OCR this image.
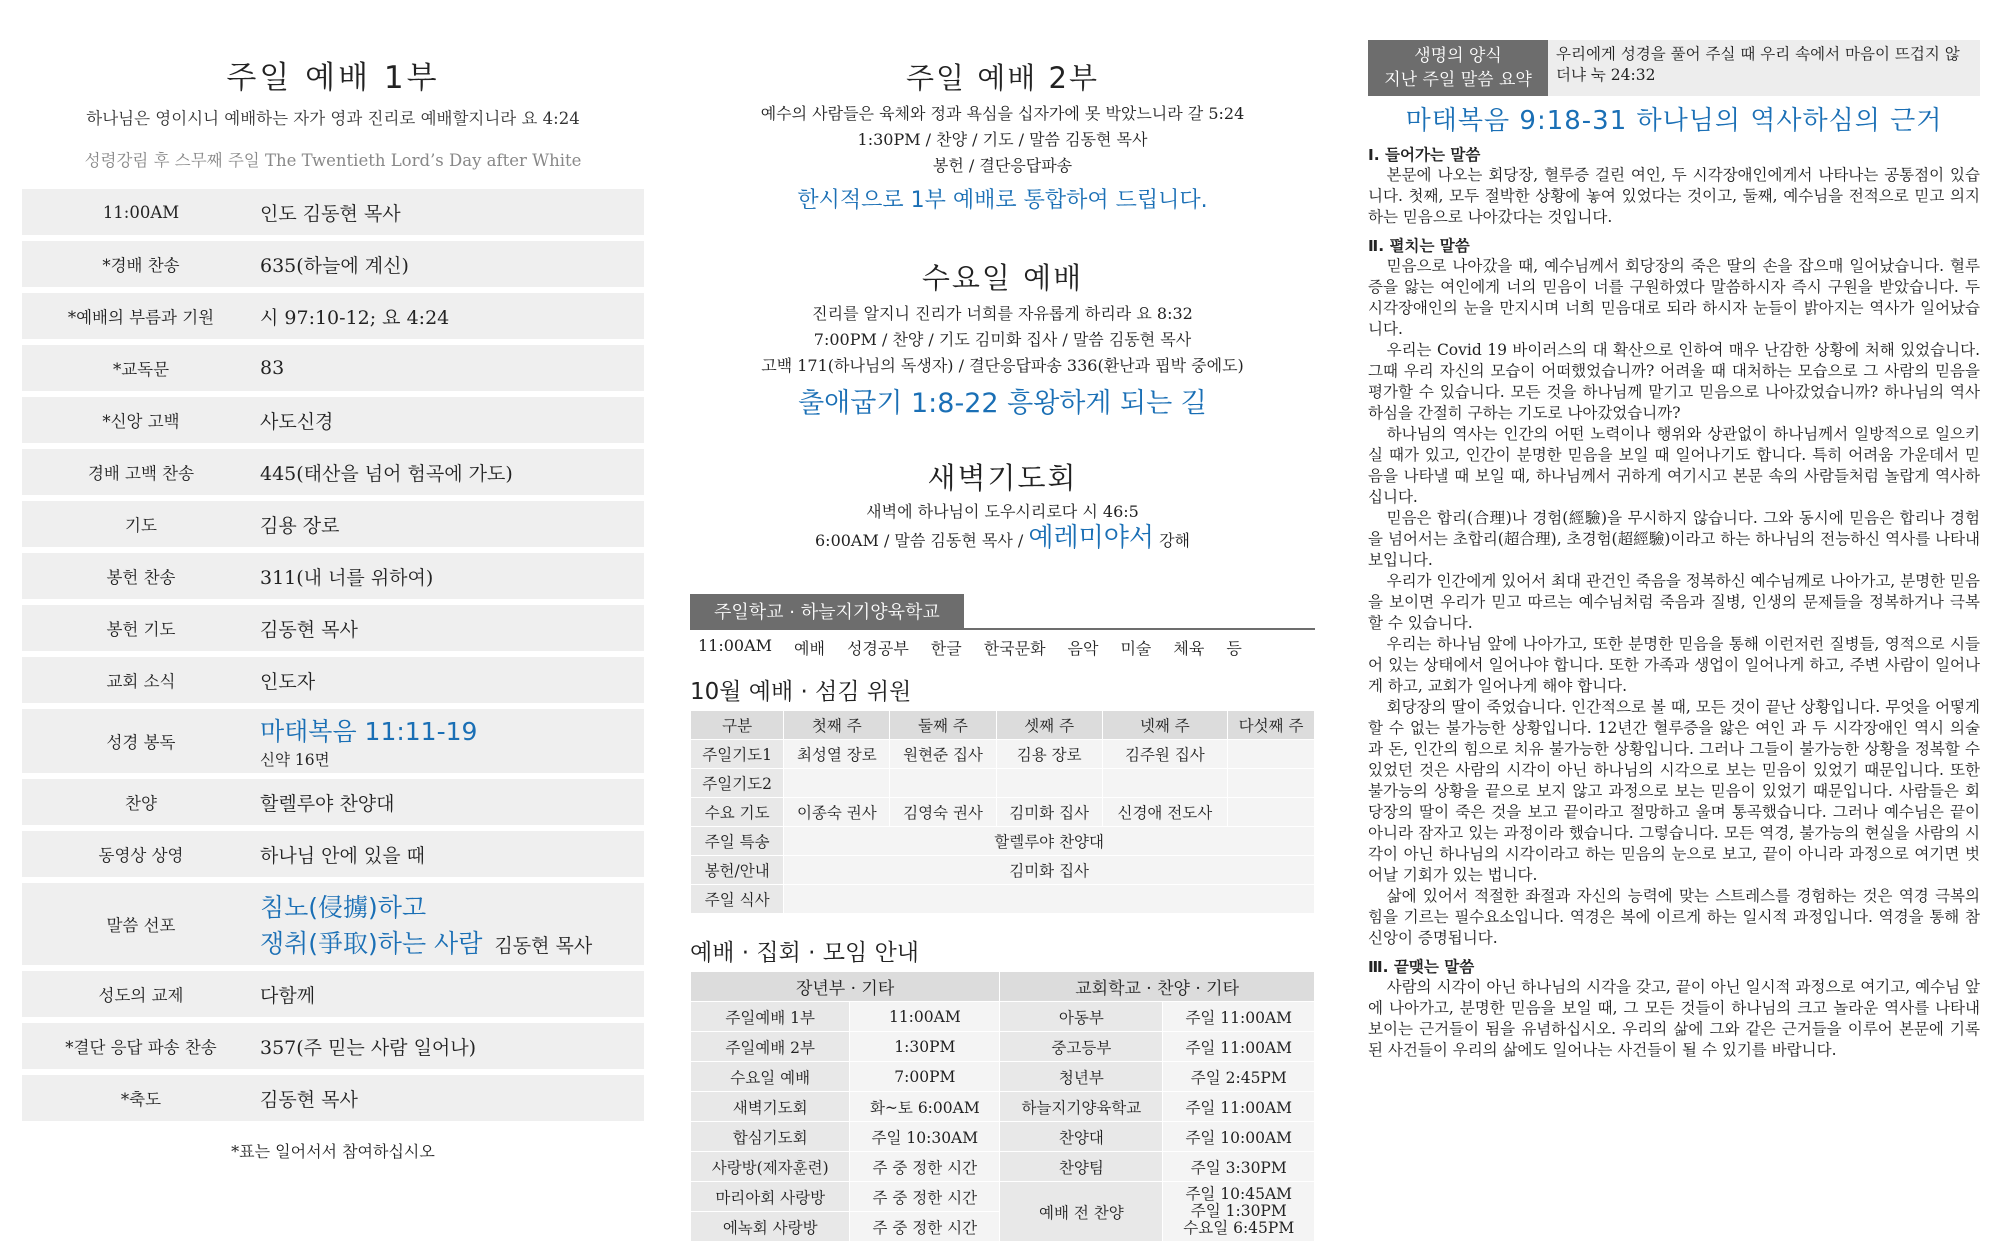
주일 예배 1부
하나님은 영이시니 예배하는 자가 영과 진리로 예배할지니라 요 4:24
성령강림 후 스무째 주일 The Twentieth Lord’s Day after White
11:00AM	인도 김동현 목사
*경배 찬송	635(하늘에 계신)
*예배의 부름과 기원	시 97:10-12; 요 4:24
*교독문	83
*신앙 고백	사도신경
경배 고백 찬송	445(태산을 넘어 험곡에 가도)
기도	김용 장로
봉헌 찬송	311(내 너를 위하여)
봉헌 기도	김동현 목사
교회 소식	인도자
성경 봉독	마태복음 11:11-19
신약 16면

찬양	할렐루야 찬양대
동영상 상영	하나님 안에 있을 때
말씀 선포	침노(侵擄)하고
쟁취(爭取)하는 사람 김동현 목사

성도의 교제	다함께
*결단 응답 파송 찬송	357(주 믿는 사람 일어나)
*축도	김동현 목사
*표는 일어서서 참여하십시오
주일 예배 2부
예수의 사람들은 육체와 정과 욕심을 십자가에 못 박았느니라 갈 5:24
1:30PM / 찬양 / 기도 / 말씀 김동현 목사
봉헌 / 결단응답파송
한시적으로 1부 예배로 통합하여 드립니다.
수요일 예배
진리를 알지니 진리가 너희를 자유롭게 하리라 요 8:32
7:00PM / 찬양 / 기도 김미화 집사 / 말씀 김동현 목사
고백 171(하나님의 독생자) / 결단응답파송 336(환난과 핍박 중에도)
출애굽기 1:8-22 흥왕하게 되는 길
새벽기도회
새벽에 하나님이 도우시리로다 시 46:5
6:00AM / 말씀 김동현 목사 / 예레미야서 강해
주일학교 · 하늘지기양육학교
11:00AM 예배 성경공부 한글 한국문화 음악 미술 체육 등
10월 예배 · 섬김 위원
구분	첫째 주	둘째 주	셋째 주	넷째 주	다섯째 주
주일기도1	최성열 장로	원현준 집사	김용 장로	김주원 집사	
주일기도2					
수요 기도	이종숙 권사	김영숙 권사	김미화 집사	신경애 전도사	
주일 특송	할렐루야 찬양대				
봉헌/안내	김미화 집사				
주일 식사					
예배 · 집회 · 모임 안내
장년부 · 기타		교회학교 · 찬양 · 기타	
주일예배 1부	11:00AM	아동부	주일 11:00AM
주일예배 2부	1:30PM	중고등부	주일 11:00AM
수요일 예배	7:00PM	청년부	주일 2:45PM
새벽기도회	화~토 6:00AM	하늘지기양육학교	주일 11:00AM
합심기도회	주일 10:30AM	찬양대	주일 10:00AM
사랑방(제자훈련)	주 중 정한 시간	찬양팀	주일 3:30PM
마리아회 사랑방	주 중 정한 시간	예배 전 찬양	주일 10:45AM
주일 1:30PM
수요일 6:45PM

에녹회 사랑방	주 중 정한 시간		
생명의 양식
지난 주일 말씀 요약
우리에게 성경을 풀어 주실 때 우리 속에서 마음이 뜨겁지 않더냐 눅 24:32
마태복음 9:18-31 하나님의 역사하심의 근거
Ⅰ. 들어가는 말씀

본문에 나오는 회당장, 혈루증 걸린 여인, 두 시각장애인에게서 나타나는 공통점이 있습니다. 첫째, 모두 절박한 상황에 놓여 있었다는 것이고, 둘째, 예수님을 전적으로 믿고 의지하는 믿음으로 나아갔다는 것입니다.

Ⅱ. 펼치는 말씀

믿음으로 나아갔을 때, 예수님께서 회당장의 죽은 딸의 손을 잡으매 일어났습니다. 혈루증을 앓는 여인에게 너의 믿음이 너를 구원하였다 말씀하시자 즉시 구원을 받았습니다. 두 시각장애인의 눈을 만지시며 너희 믿음대로 되라 하시자 눈들이 밝아지는 역사가 일어났습니다.

우리는 Covid 19 바이러스의 대 확산으로 인하여 매우 난감한 상황에 처해 있었습니다. 그때 우리 자신의 모습이 어떠했었습니까? 어려울 때 대처하는 모습으로 그 사람의 믿음을 평가할 수 있습니다. 모든 것을 하나님께 맡기고 믿음으로 나아갔었습니까? 하나님의 역사하심을 간절히 구하는 기도로 나아갔었습니까?

하나님의 역사는 인간의 어떤 노력이나 행위와 상관없이 하나님께서 일방적으로 일으키실 때가 있고, 인간이 분명한 믿음을 보일 때 일어나기도 합니다. 특히 어려움 가운데서 믿음을 나타낼 때 보일 때, 하나님께서 귀하게 여기시고 본문 속의 사람들처럼 놀랍게 역사하십니다.

믿음은 합리(合理)나 경험(經驗)을 무시하지 않습니다. 그와 동시에 믿음은 합리나 경험을 넘어서는 초합리(超合理), 초경험(超經驗)이라고 하는 하나님의 전능하신 역사를 나타내 보입니다.

우리가 인간에게 있어서 최대 관건인 죽음을 정복하신 예수님께로 나아가고, 분명한 믿음을 보이면 우리가 믿고 따르는 예수님처럼 죽음과 질병, 인생의 문제들을 정복하거나 극복할 수 있습니다.

우리는 하나님 앞에 나아가고, 또한 분명한 믿음을 통해 이런저런 질병들, 영적으로 시들어 있는 상태에서 일어나야 합니다. 또한 가족과 생업이 일어나게 하고, 주변 사람이 일어나게 하고, 교회가 일어나게 해야 합니다.

회당장의 딸이 죽었습니다. 인간적으로 볼 때, 모든 것이 끝난 상황입니다. 무엇을 어떻게 할 수 없는 불가능한 상황입니다. 12년간 혈루증을 앓은 여인 과 두 시각장애인 역시 의술과 돈, 인간의 힘으로 치유 불가능한 상황입니다. 그러나 그들이 불가능한 상황을 정복할 수 있었던 것은 사람의 시각이 아닌 하나님의 시각으로 보는 믿음이 있었기 때문입니다. 또한 불가능의 상황을 끝으로 보지 않고 과정으로 보는 믿음이 있었기 때문입니다. 사람들은 회당장의 딸이 죽은 것을 보고 끝이라고 절망하고 울며 통곡했습니다. 그러나 예수님은 끝이 아니라 잠자고 있는 과정이라 했습니다. 그렇습니다. 모든 역경, 불가능의 현실을 사람의 시각이 아닌 하나님의 시각이라고 하는 믿음의 눈으로 보고, 끝이 아니라 과정으로 여기면 벗어날 기회가 있는 법니다.

삶에 있어서 적절한 좌절과 자신의 능력에 맞는 스트레스를 경험하는 것은 역경 극복의 힘을 기르는 필수요소입니다. 역경은 복에 이르게 하는 일시적 과정입니다. 역경을 통해 참 신앙이 증명됩니다.

Ⅲ. 끝맺는 말씀

사람의 시각이 아닌 하나님의 시각을 갖고, 끝이 아닌 일시적 과정으로 여기고, 예수님 앞에 나아가고, 분명한 믿음을 보일 때, 그 모든 것들이 하나님의 크고 놀라운 역사를 나타내 보이는 근거들이 됨을 유념하십시오. 우리의 삶에 그와 같은 근거들을 이루어 본문에 기록된 사건들이 우리의 삶에도 일어나는 사건들이 될 수 있기를 바랍니다.
